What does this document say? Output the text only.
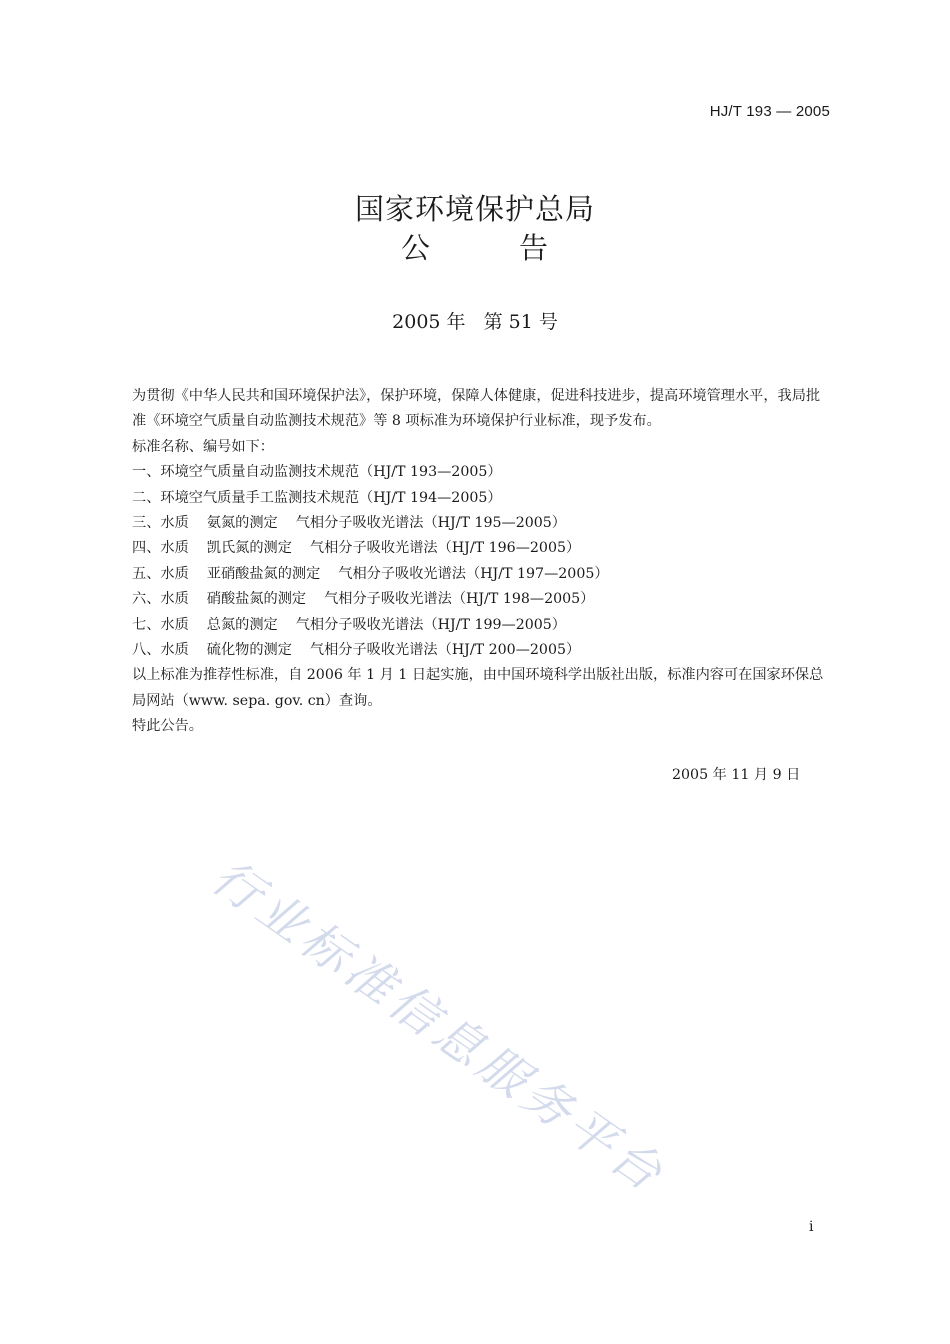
HJ/T 193 — 2005
国家环境保护总局
公	告
2005 年 第 51 号

为贯彻《中华人民共和国环境保护法》，保护环境，保障人体健康，促进科技进步，提高环境管理水平，我局批准《环境空气质量自动监测技术规范》等 8 项标准为环境保护行业标准，现予发布。

标准名称、编号如下：

一、环境空气质量自动监测技术规范（HJ/T 193—2005）

二、环境空气质量手工监测技术规范（HJ/T 194—2005）

三、水质 氨氮的测定 气相分子吸收光谱法（HJ/T 195—2005）

四、水质 凯氏氮的测定 气相分子吸收光谱法（HJ/T 196—2005）

五、水质 亚硝酸盐氮的测定 气相分子吸收光谱法（HJ/T 197—2005）

六、水质 硝酸盐氮的测定 气相分子吸收光谱法（HJ/T 198—2005）

七、水质 总氮的测定 气相分子吸收光谱法（HJ/T 199—2005）

八、水质 硫化物的测定 气相分子吸收光谱法（HJ/T 200—2005）

以上标准为推荐性标准，自 2006 年 1 月 1 日起实施，由中国环境科学出版社出版，标准内容可在国家环保总局网站（www. sepa. gov. cn）查询。

特此公告。

2005 年 11 月 9 日
行业标准信息服务平台
i
